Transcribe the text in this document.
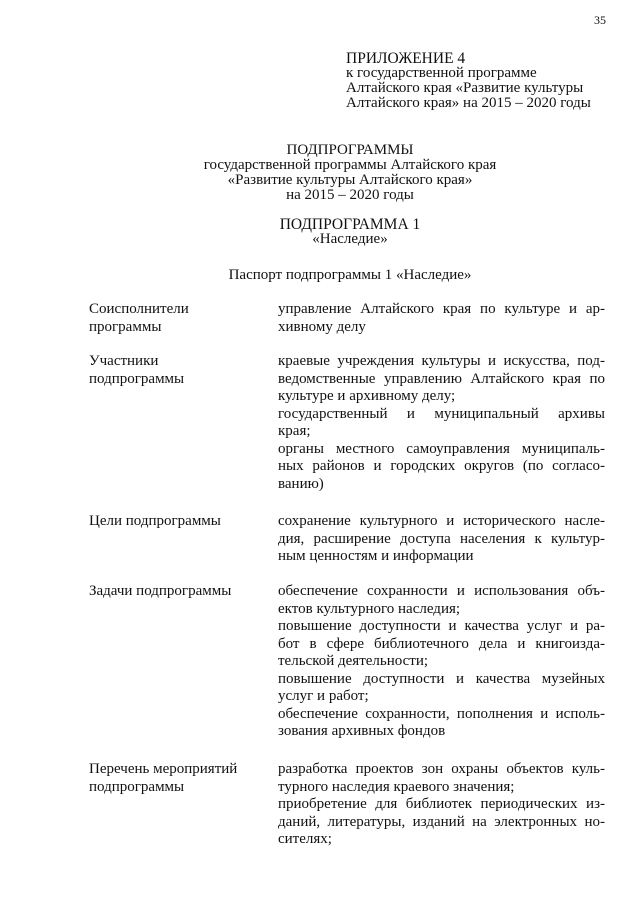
35
ПРИЛОЖЕНИЕ 4
к государственной программе
Алтайского края «Развитие культуры
Алтайского края» на 2015 – 2020 годы
ПОДПРОГРАММЫ
государственной программы Алтайского края
«Развитие культуры Алтайского края»
на 2015 – 2020 годы
ПОДПРОГРАММА 1
«Наследие»
Паспорт подпрограммы 1 «Наследие»
Соисполнители
программы
управление Алтайского края по культуре и ар-
хивному делу
Участники
подпрограммы
краевые учреждения культуры и искусства, под-
ведомственные управлению Алтайского края по
культуре и архивному делу;
государственный и муниципальный архивы
края;
органы местного самоуправления муниципаль-
ных районов и городских округов (по согласо-
ванию)
Цели подпрограммы	сохранение культурного и исторического насле-
дия, расширение доступа населения к культур-
ным ценностям и информации
Задачи подпрограммы	обеспечение сохранности и использования объ-
ектов культурного наследия;
повышение доступности и качества услуг и ра-
бот в сфере библиотечного дела и книгоизда-
тельской деятельности;
повышение доступности и качества музейных
услуг и работ;
обеспечение сохранности, пополнения и исполь-
зования архивных фондов
Перечень мероприятий
подпрограммы
разработка проектов зон охраны объектов куль-
турного наследия краевого значения;
приобретение для библиотек периодических из-
даний, литературы, изданий на электронных но-
сителях;
